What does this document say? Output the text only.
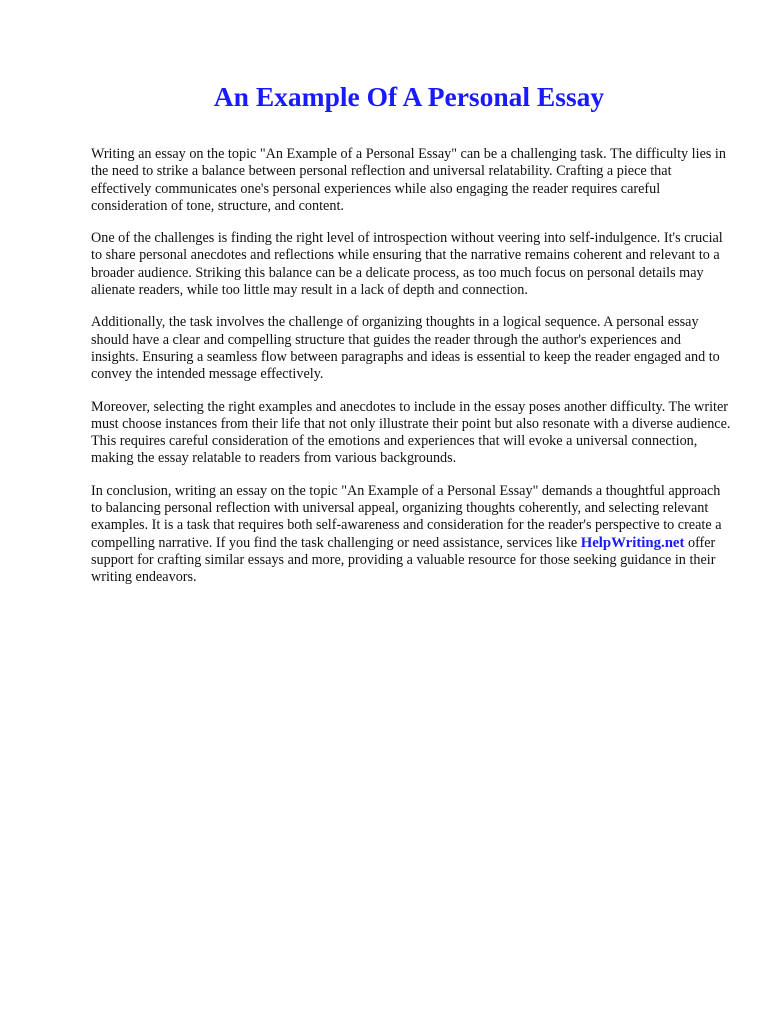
An Example Of A Personal Essay

Writing an essay on the topic "An Example of a Personal Essay" can be a challenging task. The difficulty lies in the need to strike a balance between personal reflection and universal relatability. Crafting a piece that effectively communicates one's personal experiences while also engaging the reader requires careful consideration of tone, structure, and content.

One of the challenges is finding the right level of introspection without veering into self-indulgence. It's crucial to share personal anecdotes and reflections while ensuring that the narrative remains coherent and relevant to a broader audience. Striking this balance can be a delicate process, as too much focus on personal details may alienate readers, while too little may result in a lack of depth and connection.

Additionally, the task involves the challenge of organizing thoughts in a logical sequence. A personal essay should have a clear and compelling structure that guides the reader through the author's experiences and insights. Ensuring a seamless flow between paragraphs and ideas is essential to keep the reader engaged and to convey the intended message effectively.

Moreover, selecting the right examples and anecdotes to include in the essay poses another difficulty. The writer must choose instances from their life that not only illustrate their point but also resonate with a diverse audience. This requires careful consideration of the emotions and experiences that will evoke a universal connection, making the essay relatable to readers from various backgrounds.

In conclusion, writing an essay on the topic "An Example of a Personal Essay" demands a thoughtful approach to balancing personal reflection with universal appeal, organizing thoughts coherently, and selecting relevant examples. It is a task that requires both self-awareness and consideration for the reader's perspective to create a compelling narrative. If you find the task challenging or need assistance, services like HelpWriting.net offer support for crafting similar essays and more, providing a valuable resource for those seeking guidance in their writing endeavors.
